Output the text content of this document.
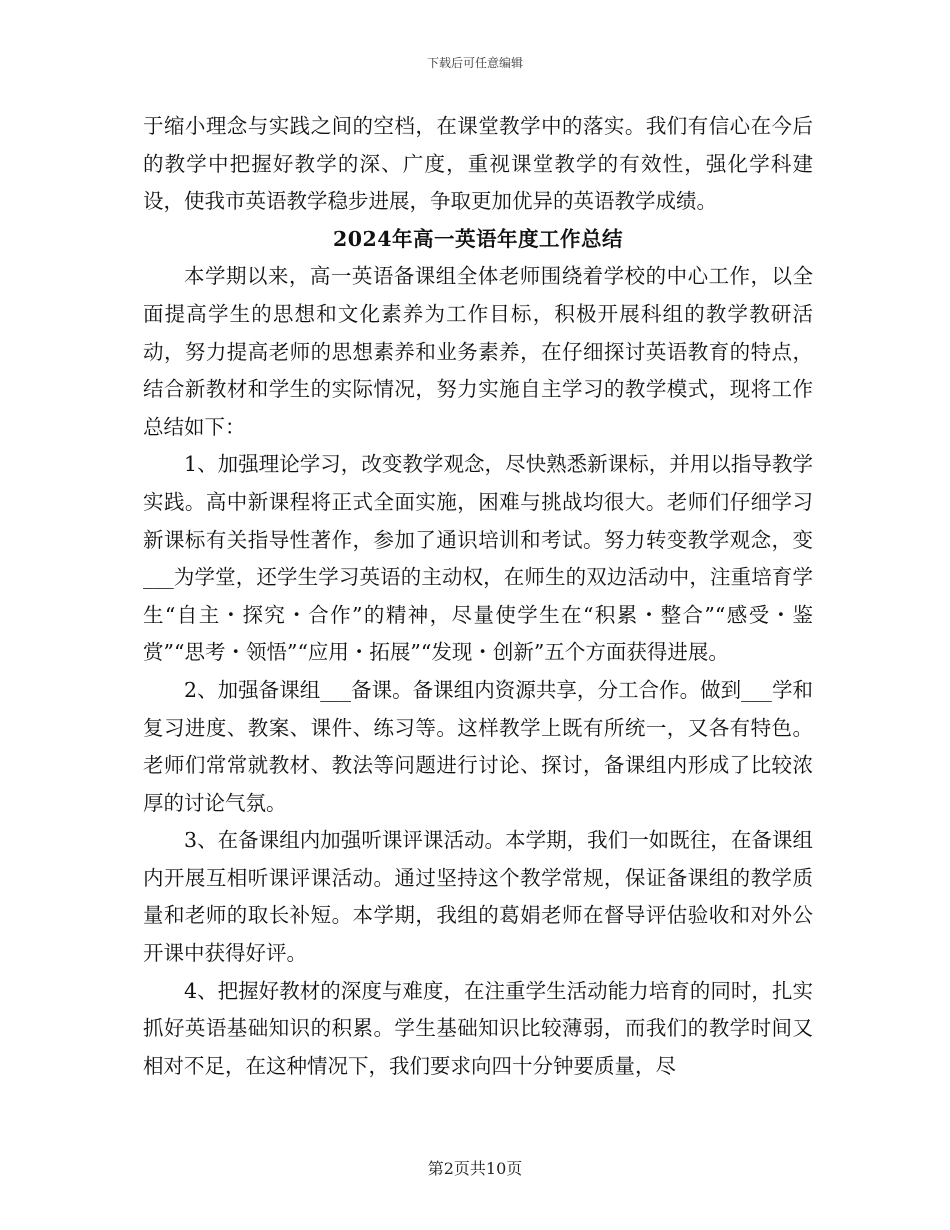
下载后可任意编辑

于缩小理念与实践之间的空档，在课堂教学中的落实。我们有信心在今后的教学中把握好教学的深、广度，重视课堂教学的有效性，强化学科建设，使我市英语教学稳步进展，争取更加优异的英语教学成绩。

2024年高一英语年度工作总结

本学期以来，高一英语备课组全体老师围绕着学校的中心工作，以全面提高学生的思想和文化素养为工作目标，积极开展科组的教学教研活动，努力提高老师的思想素养和业务素养，在仔细探讨英语教育的特点，结合新教材和学生的实际情况，努力实施自主学习的教学模式，现将工作总结如下：

1、加强理论学习，改变教学观念，尽快熟悉新课标，并用以指导教学实践。高中新课程将正式全面实施，困难与挑战均很大。老师们仔细学习新课标有关指导性著作，参加了通识培训和考试。努力转变教学观念，变___为学堂，还学生学习英语的主动权，在师生的双边活动中，注重培育学生“自主・探究・合作”的精神，尽量使学生在“积累・整合”“感受・鉴赏”“思考・领悟”“应用・拓展”“发现・创新”五个方面获得进展。

2、加强备课组___备课。备课组内资源共享，分工合作。做到___学和复习进度、教案、课件、练习等。这样教学上既有所统一，又各有特色。老师们常常就教材、教法等问题进行讨论、探讨，备课组内形成了比较浓厚的讨论气氛。

3、在备课组内加强听课评课活动。本学期，我们一如既往，在备课组内开展互相听课评课活动。通过坚持这个教学常规，保证备课组的教学质量和老师的取长补短。本学期，我组的葛娟老师在督导评估验收和对外公开课中获得好评。

4、把握好教材的深度与难度，在注重学生活动能力培育的同时，扎实抓好英语基础知识的积累。学生基础知识比较薄弱，而我们的教学时间又相对不足，在这种情况下，我们要求向四十分钟要质量，尽

第2页共10页
